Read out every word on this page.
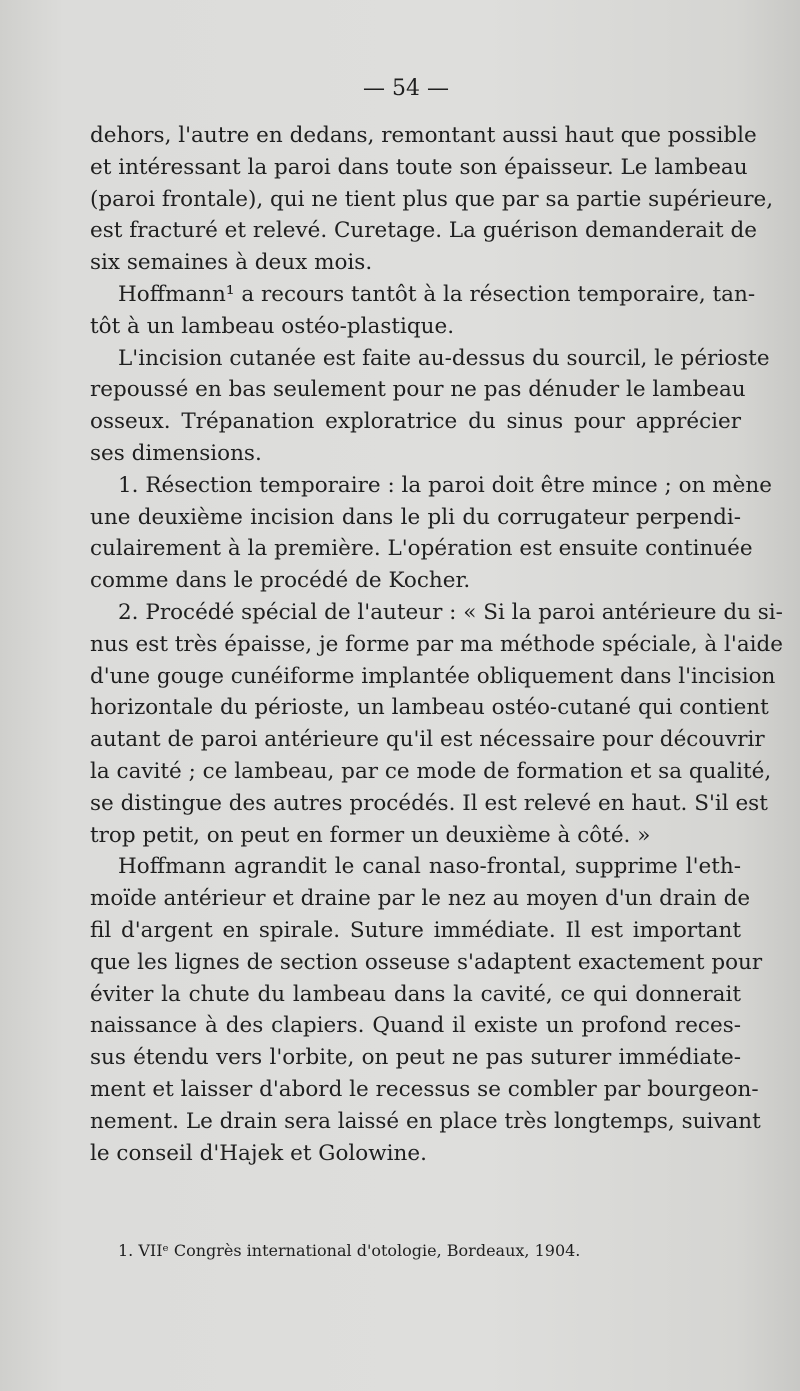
— 54 —
dehors, l'autre en dedans, remontant aussi haut que possible
et intéressant la paroi dans toute son épaisseur. Le lambeau
(paroi frontale), qui ne tient plus que par sa partie supérieure,
est fracturé et relevé. Curetage. La guérison demanderait de
six semaines à deux mois.
Hoffmann¹ a recours tantôt à la résection temporaire, tan-
tôt à un lambeau ostéo-plastique.
L'incision cutanée est faite au-dessus du sourcil, le périoste
repoussé en bas seulement pour ne pas dénuder le lambeau
osseux. Trépanation exploratrice du sinus pour apprécier
ses dimensions.
1. Résection temporaire : la paroi doit être mince ; on mène
une deuxième incision dans le pli du corrugateur perpendi-
culairement à la première. L'opération est ensuite continuée
comme dans le procédé de Kocher.
2. Procédé spécial de l'auteur : « Si la paroi antérieure du si-
nus est très épaisse, je forme par ma méthode spéciale, à l'aide
d'une gouge cunéiforme implantée obliquement dans l'incision
horizontale du périoste, un lambeau ostéo-cutané qui contient
autant de paroi antérieure qu'il est nécessaire pour découvrir
la cavité ; ce lambeau, par ce mode de formation et sa qualité,
se distingue des autres procédés. Il est relevé en haut. S'il est
trop petit, on peut en former un deuxième à côté. »
Hoffmann agrandit le canal naso-frontal, supprime l'eth-
moïde antérieur et draine par le nez au moyen d'un drain de
fil d'argent en spirale. Suture immédiate. Il est important
que les lignes de section osseuse s'adaptent exactement pour
éviter la chute du lambeau dans la cavité, ce qui donnerait
naissance à des clapiers. Quand il existe un profond reces-
sus étendu vers l'orbite, on peut ne pas suturer immédiate-
ment et laisser d'abord le recessus se combler par bourgeon-
nement. Le drain sera laissé en place très longtemps, suivant
le conseil d'Hajek et Golowine.
1. VIIᵉ Congrès international d'otologie, Bordeaux, 1904.
